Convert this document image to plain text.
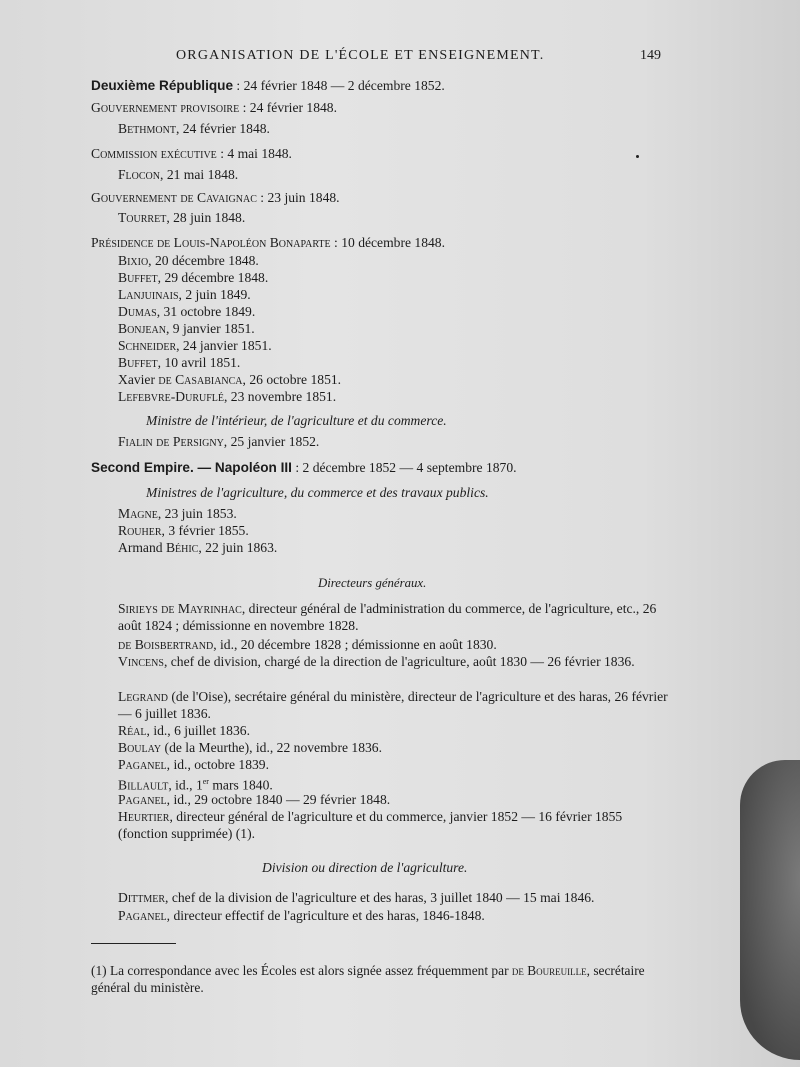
ORGANISATION DE L'ÉCOLE ET ENSEIGNEMENT.	149
Deuxième République : 24 février 1848 — 2 décembre 1852.
Gouvernement provisoire : 24 février 1848.
Bethmont, 24 février 1848.
Commission exécutive : 4 mai 1848.
Flocon, 21 mai 1848.
Gouvernement de Cavaignac : 23 juin 1848.
Tourret, 28 juin 1848.
Présidence de Louis-Napoléon Bonaparte : 10 décembre 1848.
Bixio, 20 décembre 1848.
Buffet, 29 décembre 1848.
Lanjuinais, 2 juin 1849.
Dumas, 31 octobre 1849.
Bonjean, 9 janvier 1851.
Schneider, 24 janvier 1851.
Buffet, 10 avril 1851.
Xavier de Casabianca, 26 octobre 1851.
Lefebvre-Duruflé, 23 novembre 1851.
Ministre de l'intérieur, de l'agriculture et du commerce.
Fialin de Persigny, 25 janvier 1852.
Second Empire. — Napoléon III : 2 décembre 1852 — 4 septembre 1870.
Ministres de l'agriculture, du commerce et des travaux publics.
Magne, 23 juin 1853.
Rouher, 3 février 1855.
Armand Béhic, 22 juin 1863.
Directeurs généraux.
Sirieys de Mayrinhac, directeur général de l'administration du commerce, de l'agriculture, etc., 26 août 1824 ; démissionne en novembre 1828.
de Boisbertrand, id., 20 décembre 1828 ; démissionne en août 1830.
Vincens, chef de division, chargé de la direction de l'agriculture, août 1830 — 26 février 1836.
Legrand (de l'Oise), secrétaire général du ministère, directeur de l'agriculture et des haras, 26 février — 6 juillet 1836.
Réal, id., 6 juillet 1836.
Boulay (de la Meurthe), id., 22 novembre 1836.
Paganel, id., octobre 1839.
Billault, id., 1er mars 1840.
Paganel, id., 29 octobre 1840 — 29 février 1848.
Heurtier, directeur général de l'agriculture et du commerce, janvier 1852 — 16 février 1855 (fonction supprimée) (1).
Division ou direction de l'agriculture.
Dittmer, chef de la division de l'agriculture et des haras, 3 juillet 1840 — 15 mai 1846.
Paganel, directeur effectif de l'agriculture et des haras, 1846-1848.
(1) La correspondance avec les Écoles est alors signée assez fréquemment par de Boureuille, secrétaire général du ministère.
